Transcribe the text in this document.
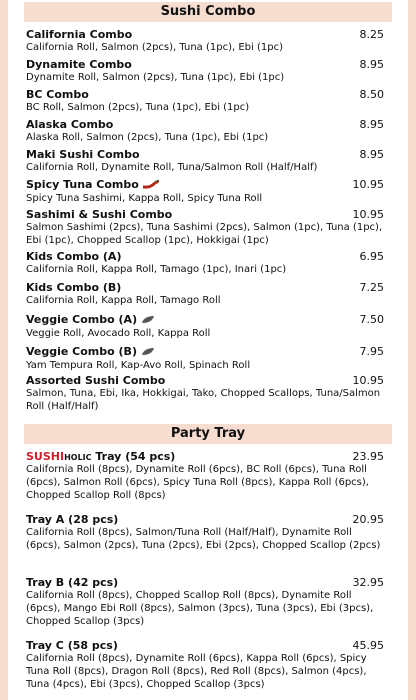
Sushi Combo
California Combo	8.25
California Roll, Salmon (2pcs), Tuna (1pc), Ebi (1pc)
Dynamite Combo	8.95
Dynamite Roll, Salmon (2pcs), Tuna (1pc), Ebi (1pc)
BC Combo	8.50
BC Roll, Salmon (2pcs), Tuna (1pc), Ebi (1pc)
Alaska Combo	8.95
Alaska Roll, Salmon (2pcs), Tuna (1pc), Ebi (1pc)
Maki Sushi Combo	8.95
California Roll, Dynamite Roll, Tuna/Salmon Roll (Half/Half)
Spicy Tuna Combo	10.95
Spicy Tuna Sashimi, Kappa Roll, Spicy Tuna Roll
Sashimi & Sushi Combo	10.95
Salmon Sashimi (2pcs), Tuna Sashimi (2pcs), Salmon (1pc), Tuna (1pc), Ebi (1pc), Chopped Scallop (1pc), Hokkigai (1pc)
Kids Combo (A)	6.95
California Roll, Kappa Roll, Tamago (1pc), Inari (1pc)
Kids Combo (B)	7.25
California Roll, Kappa Roll, Tamago Roll
Veggie Combo (A)	7.50
Veggie Roll, Avocado Roll, Kappa Roll
Veggie Combo (B)	7.95
Yam Tempura Roll, Kap-Avo Roll, Spinach Roll
Assorted Sushi Combo	10.95
Salmon, Tuna, Ebi, Ika, Hokkigai, Tako, Chopped Scallops, Tuna/Salmon Roll (Half/Half)
Party Tray
SUSHIHOLIC Tray (54 pcs)	23.95
California Roll (8pcs), Dynamite Roll (6pcs), BC Roll (6pcs), Tuna Roll (6pcs), Salmon Roll (6pcs), Spicy Tuna Roll (8pcs), Kappa Roll (6pcs), Chopped Scallop Roll (8pcs)
Tray A (28 pcs)	20.95
California Roll (8pcs), Salmon/Tuna Roll (Half/Half), Dynamite Roll (6pcs), Salmon (2pcs), Tuna (2pcs), Ebi (2pcs), Chopped Scallop (2pcs)
Tray B (42 pcs)	32.95
California Roll (8pcs), Chopped Scallop Roll (8pcs), Dynamite Roll (6pcs), Mango Ebi Roll (8pcs), Salmon (3pcs), Tuna (3pcs), Ebi (3pcs), Chopped Scallop (3pcs)
Tray C (58 pcs)	45.95
California Roll (8pcs), Dynamite Roll (6pcs), Kappa Roll (6pcs), Spicy Tuna Roll (8pcs), Dragon Roll (8pcs), Red Roll (8pcs), Salmon (4pcs), Tuna (4pcs), Ebi (3pcs), Chopped Scallop (3pcs)
